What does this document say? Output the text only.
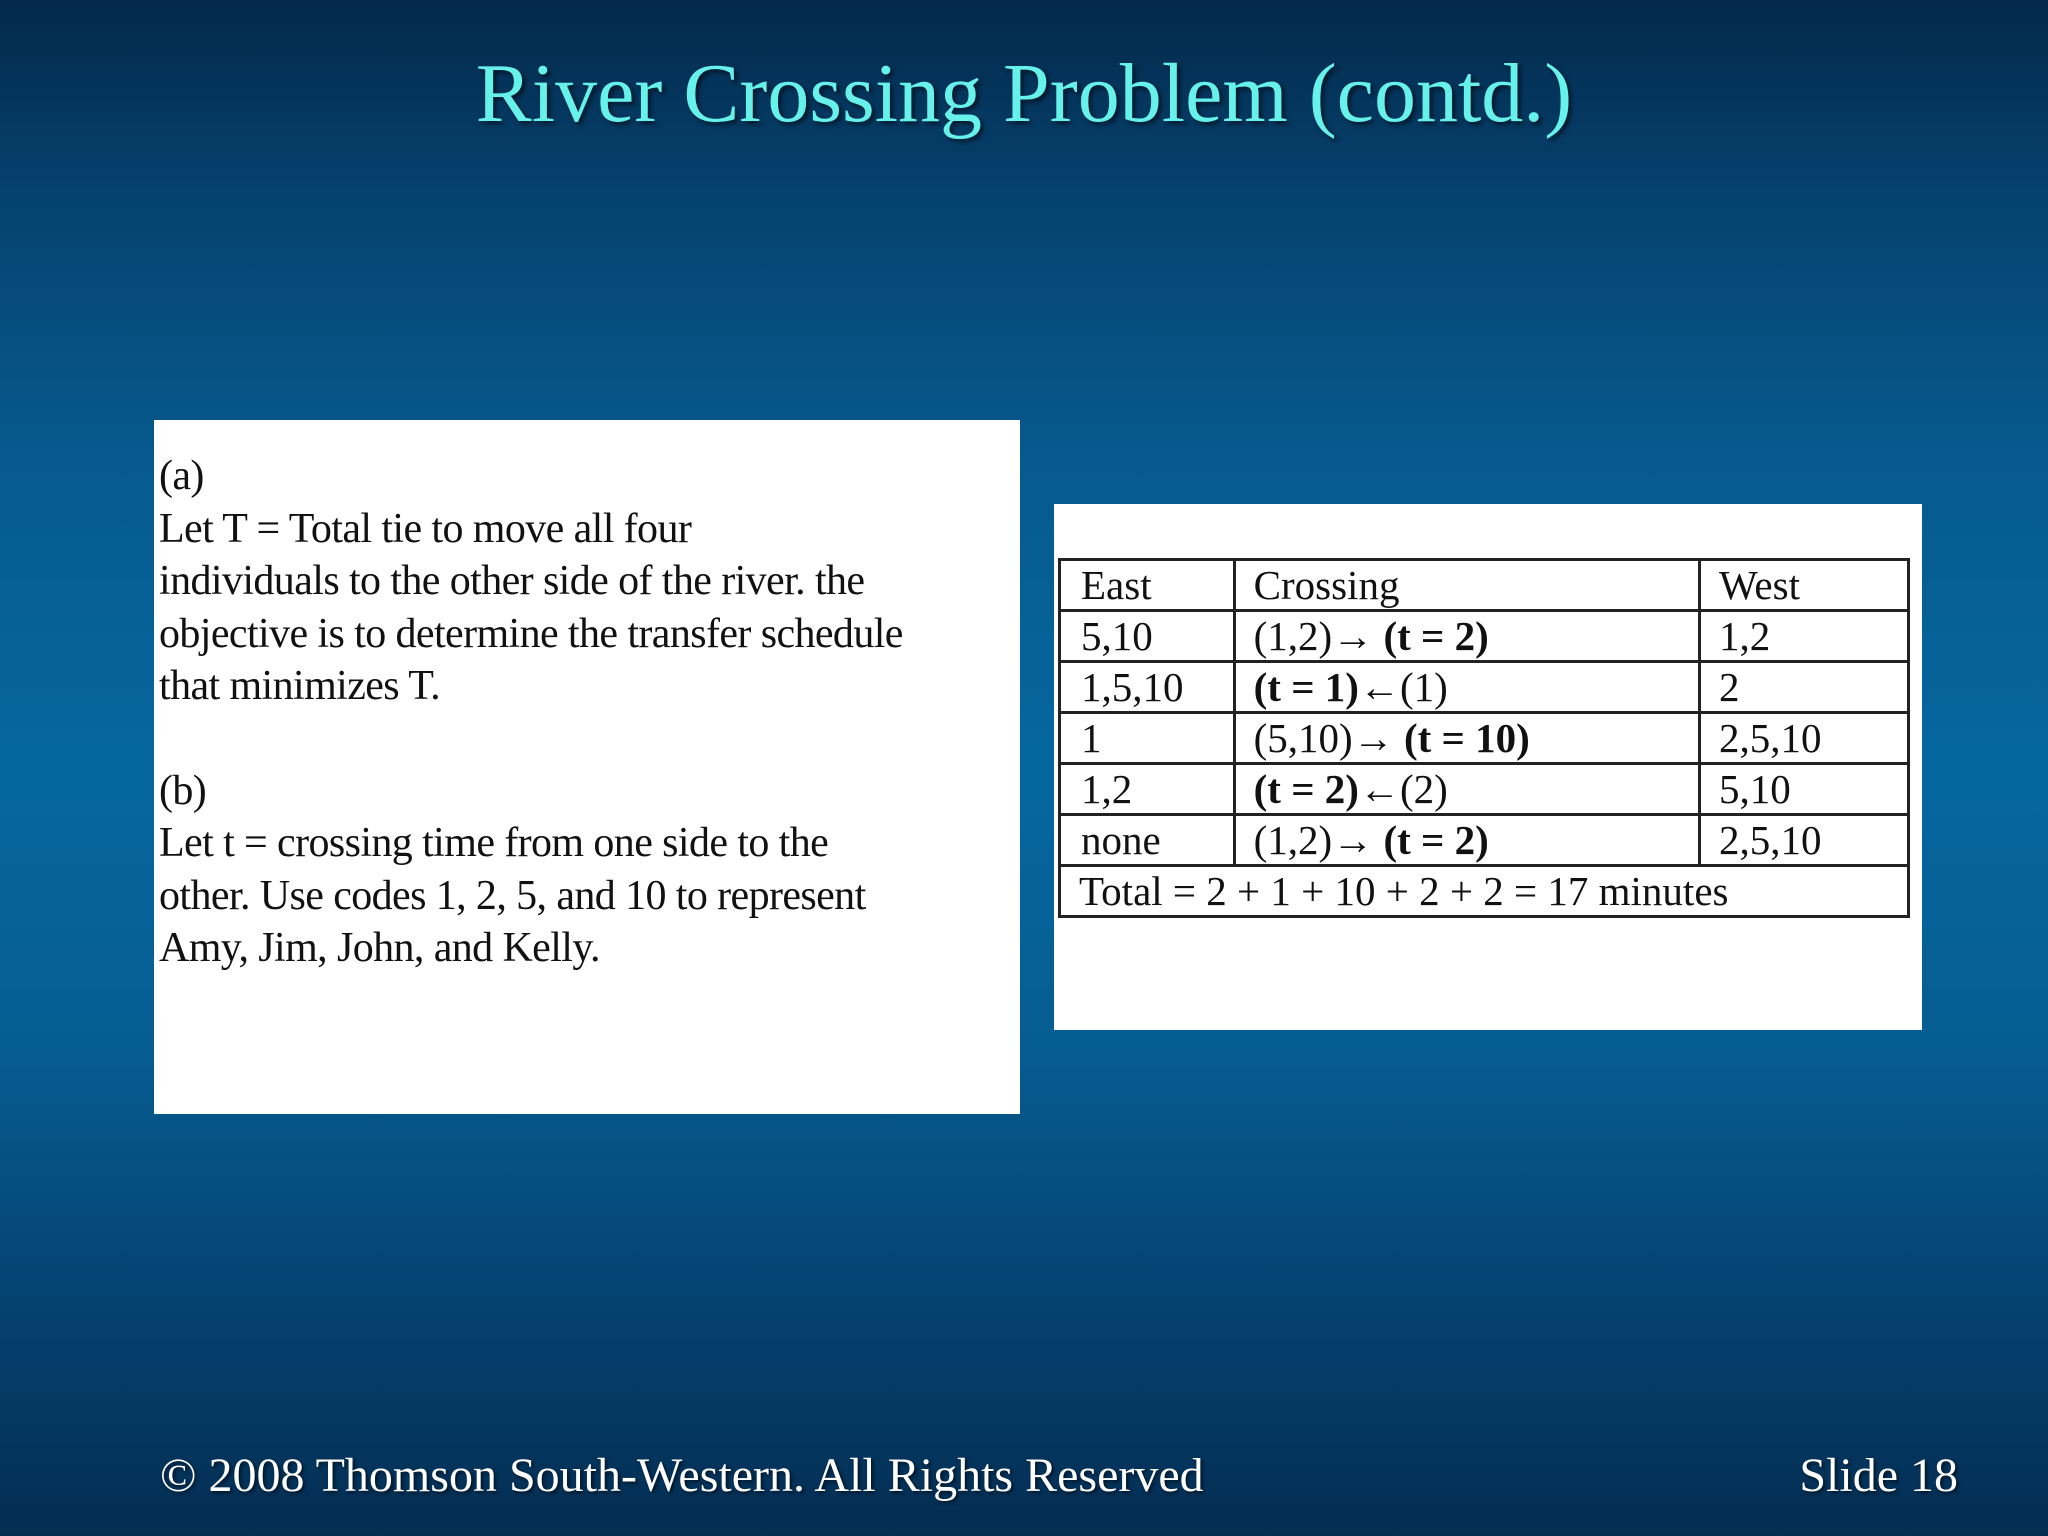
River Crossing Problem (contd.)

(a)

Let T = Total tie to move all four

individuals to the other side of the river. the

objective is to determine the transfer schedule

that minimizes T.

(b)

Let t = crossing time from one side to the

other. Use codes 1, 2, 5, and 10 to represent

Amy, Jim, John, and Kelly.

East	Crossing	West
5,10	(1,2)→ (t = 2)	1,2
1,5,10	(t = 1)←(1)	2
1	(5,10)→ (t = 10)	2,5,10
1,2	(t = 2)←(2)	5,10
none	(1,2)→ (t = 2)	2,5,10
Total = 2 + 1 + 10 + 2 + 2 = 17 minutes		
© 2008 Thomson South-Western. All Rights Reserved	Slide 18
